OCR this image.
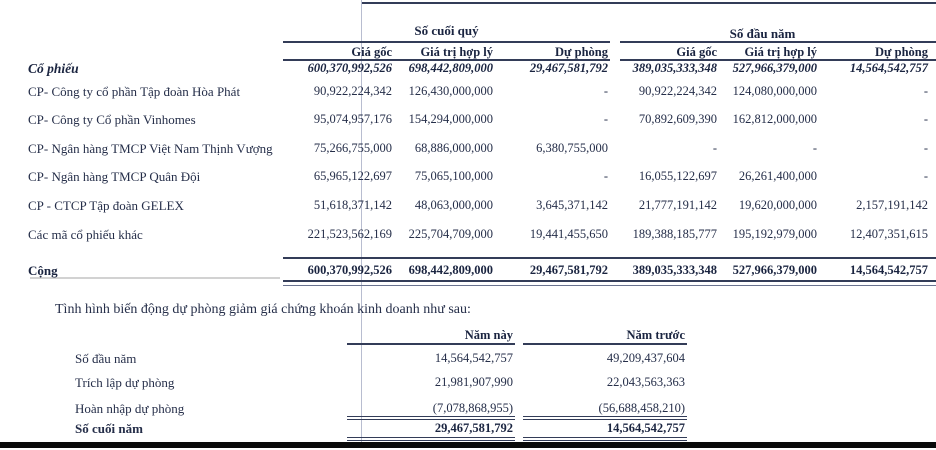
Số cuối quý	Số đầu năm
Giá gốc Giá trị hợp lý	Dự phòng	Giá gốc Giá trị hợp lý	Dự phòng
Cổ phiếu	600,370,992,526 698,442,809,000	29,467,581,792 389,035,333,348 527,966,379,000	14,564,542,757
CP- Công ty cổ phần Tập đoàn Hòa Phát	90,922,224,342 126,430,000,000	- 90,922,224,342 124,080,000,000	-
CP- Công ty Cổ phần Vinhomes	95,074,957,176 154,294,000,000	- 70,892,609,390 162,812,000,000	-
CP- Ngân hàng TMCP Việt Nam Thịnh Vượng	75,266,755,000 68,886,000,000	6,380,755,000	-	-	-
CP- Ngân hàng TMCP Quân Đội	65,965,122,697 75,065,100,000	- 16,055,122,697 26,261,400,000	-
CP - CTCP Tập đoàn GELEX	51,618,371,142 48,063,000,000	3,645,371,142 21,777,191,142 19,620,000,000	2,157,191,142
Các mã cổ phiếu khác	221,523,562,169 225,704,709,000	19,441,455,650 189,388,185,777 195,192,979,000	12,407,351,615
Cộng	600,370,992,526 698,442,809,000	29,467,581,792 389,035,333,348 527,966,379,000	14,564,542,757
Tình hình biến động dự phòng giảm giá chứng khoán kinh doanh như sau:
Năm này	Năm trước
Số đầu năm	14,564,542,757	49,209,437,604
Trích lập dự phòng	21,981,907,990	22,043,563,363
Hoàn nhập dự phòng	(7,078,868,955)	(56,688,458,210)
Số cuối năm	29,467,581,792	14,564,542,757
